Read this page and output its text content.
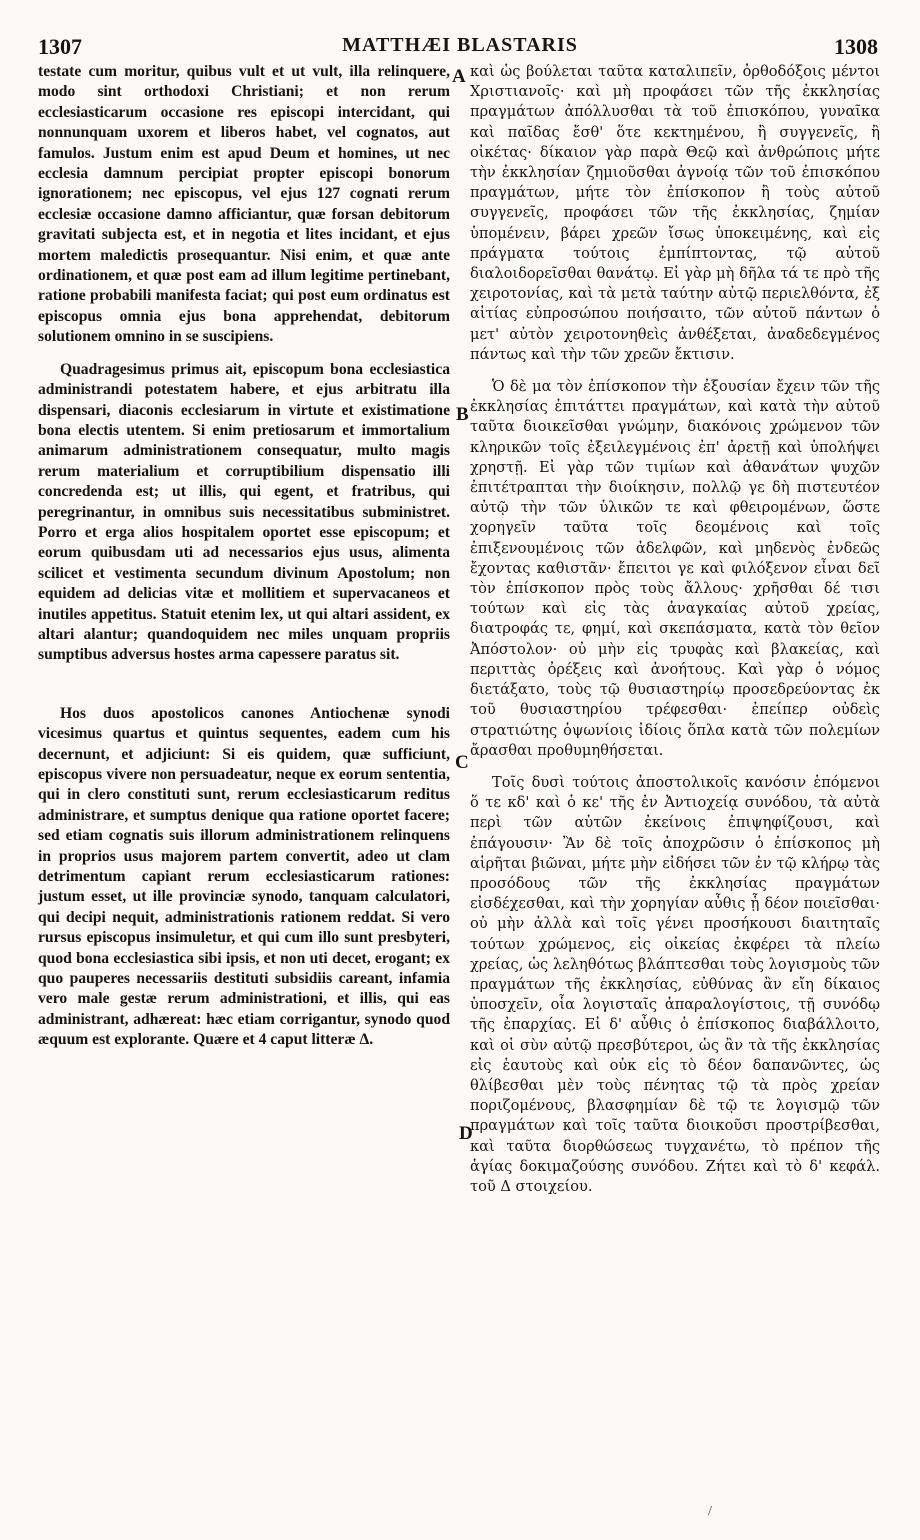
1307	MATTHÆI BLASTARIS	1308

testate cum moritur, quibus vult et ut vult, illa relinquere, modo sint orthodoxi Christiani; et non rerum ecclesiasticarum occasione res episcopi intercidant, qui nonnunquam uxorem et liberos habet, vel cognatos, aut famulos. Justum enim est apud Deum et homines, ut nec ecclesia damnum percipiat propter episcopi bonorum ignorationem; nec episcopus, vel ejus 127 cognati rerum ecclesiæ occasione damno afficiantur, quæ forsan debitorum gravitati subjecta est, et in negotia et lites incidant, et ejus mortem maledictis prosequantur. Nisi enim, et quæ ante ordinationem, et quæ post eam ad illum legitime pertinebant, ratione probabili manifesta faciat; qui post eum ordinatus est episcopus omnia ejus bona apprehendat, debitorum solutionem omnino in se suscipiens.

Quadragesimus primus ait, episcopum bona ecclesiastica administrandi potestatem habere, et ejus arbitratu illa dispensari, diaconis ecclesiarum in virtute et existimatione bona electis utentem. Si enim pretiosarum et immortalium animarum administrationem consequatur, multo magis rerum materialium et corruptibilium dispensatio illi concredenda est; ut illis, qui egent, et fratribus, qui peregrinantur, in omnibus suis necessitatibus subministret. Porro et erga alios hospitalem oportet esse episcopum; et eorum quibusdam uti ad necessarios ejus usus, alimenta scilicet et vestimenta secundum divinum Apostolum; non equidem ad delicias vitæ et mollitiem et supervacaneos et inutiles appetitus. Statuit etenim lex, ut qui altari assident, ex altari alantur; quandoquidem nec miles unquam propriis sumptibus adversus hostes arma capessere paratus sit.

Hos duos apostolicos canones Antiochenæ synodi vicesimus quartus et quintus sequentes, eadem cum his decernunt, et adjiciunt: Si eis quidem, quæ sufficiunt, episcopus vivere non persuadeatur, neque ex eorum sententia, qui in clero constituti sunt, rerum ecclesiasticarum reditus administrare, et sumptus denique qua ratione oportet facere; sed etiam cognatis suis illorum administrationem relinquens in proprios usus majorem partem convertit, adeo ut clam detrimentum capiant rerum ecclesiasticarum rationes: justum esset, ut ille provinciæ synodo, tanquam calculatori, qui decipi nequit, administrationis rationem reddat. Si vero rursus episcopus insimuletur, et qui cum illo sunt presbyteri, quod bona ecclesiastica sibi ipsis, et non uti decet, erogant; ex quo pauperes necessariis destituti subsidiis careant, infamia vero male gestæ rerum administrationi, et illis, qui eas administrant, adhæreat: hæc etiam corrigantur, synodo quod æquum est explorante. Quære et 4 caput litteræ Δ.

καὶ ὡς βούλεται ταῦτα καταλιπεῖν, ὀρθοδόξοις μέντοι Χριστιανοῖς· καὶ μὴ προφάσει τῶν τῆς ἐκκλησίας πραγμάτων ἀπόλλυσθαι τὰ τοῦ ἐπισκόπου, γυναῖκα καὶ παῖδας ἔσθ' ὅτε κεκτημένου, ἢ συγγενεῖς, ἢ οἰκέτας· δίκαιον γὰρ παρὰ Θεῷ καὶ ἀνθρώποις μήτε τὴν ἐκκλησίαν ζημιοῦσθαι ἀγνοίᾳ τῶν τοῦ ἐπισκόπου πραγμάτων, μήτε τὸν ἐπίσκοπον ἢ τοὺς αὐτοῦ συγγενεῖς, προφάσει τῶν τῆς ἐκκλησίας, ζημίαν ὑπομένειν, βάρει χρεῶν ἴσως ὑποκειμένης, καὶ εἰς πράγματα τούτοις ἐμπίπτοντας, τῷ αὐτοῦ διαλοιδορεῖσθαι θανάτῳ. Εἰ γὰρ μὴ δῆλα τά τε πρὸ τῆς χειροτονίας, καὶ τὰ μετὰ ταύτην αὐτῷ περιελθόντα, ἐξ αἰτίας εὐπροσώπου ποιήσαιτο, τῶν αὐτοῦ πάντων ὁ μετ' αὐτὸν χειροτονηθεὶς ἀνθέξεται, ἀναδεδεγμένος πάντως καὶ τὴν τῶν χρεῶν ἔκτισιν.

Ὁ δὲ μα τὸν ἐπίσκοπον τὴν ἐξουσίαν ἔχειν τῶν τῆς ἐκκλησίας ἐπιτάττει πραγμάτων, καὶ κατὰ τὴν αὐτοῦ ταῦτα διοικεῖσθαι γνώμην, διακόνοις χρώμενον τῶν κληρικῶν τοῖς ἐξειλεγμένοις ἐπ' ἀρετῇ καὶ ὑπολήψει χρηστῇ. Εἰ γὰρ τῶν τιμίων καὶ ἀθανάτων ψυχῶν ἐπιτέτραπται τὴν διοίκησιν, πολλῷ γε δὴ πιστευτέον αὐτῷ τὴν τῶν ὑλικῶν τε καὶ φθειρομένων, ὥστε χορηγεῖν ταῦτα τοῖς δεομένοις καὶ τοῖς ἐπιξενουμένοις τῶν ἀδελφῶν, καὶ μηδενὸς ἐνδεῶς ἔχοντας καθιστᾶν· ἔπειτοι γε καὶ φιλόξενον εἶναι δεῖ τὸν ἐπίσκοπον πρὸς τοὺς ἄλλους· χρῆσθαι δέ τισι τούτων καὶ εἰς τὰς ἀναγκαίας αὐτοῦ χρείας, διατροφάς τε, φημί, καὶ σκεπάσματα, κατὰ τὸν θεῖον Ἀπόστολον· οὐ μὴν εἰς τρυφὰς καὶ βλακείας, καὶ περιττὰς ὀρέξεις καὶ ἀνοήτους. Καὶ γὰρ ὁ νόμος διετάξατο, τοὺς τῷ θυσιαστηρίῳ προσεδρεύοντας ἐκ τοῦ θυσιαστηρίου τρέφεσθαι· ἐπείπερ οὐδεὶς στρατιώτης ὀψωνίοις ἰδίοις ὅπλα κατὰ τῶν πολεμίων ἄρασθαι προθυμηθήσεται.

Τοῖς δυσὶ τούτοις ἀποστολικοῖς κανόσιν ἑπόμενοι ὅ τε κδ' καὶ ὁ κε' τῆς ἐν Ἀντιοχείᾳ συνόδου, τὰ αὐτὰ περὶ τῶν αὐτῶν ἐκείνοις ἐπιψηφίζουσι, καὶ ἐπάγουσιν· Ἂν δὲ τοῖς ἀποχρῶσιν ὁ ἐπίσκοπος μὴ αἱρῆται βιῶναι, μήτε μὴν εἰδήσει τῶν ἐν τῷ κλήρῳ τὰς προσόδους τῶν τῆς ἐκκλησίας πραγμάτων εἰσδέχεσθαι, καὶ τὴν χορηγίαν αὖθις ᾗ δέον ποιεῖσθαι· οὐ μὴν ἀλλὰ καὶ τοῖς γένει προσήκουσι διαιτηταῖς τούτων χρώμενος, εἰς οἰκείας ἐκφέρει τὰ πλείω χρείας, ὡς λεληθότως βλάπτεσθαι τοὺς λογισμοὺς τῶν πραγμάτων τῆς ἐκκλησίας, εὐθύνας ἂν εἴη δίκαιος ὑποσχεῖν, οἷα λογισταῖς ἀπαραλογίστοις, τῇ συνόδῳ τῆς ἐπαρχίας. Εἰ δ' αὖθις ὁ ἐπίσκοπος διαβάλλοιτο, καὶ οἱ σὺν αὐτῷ πρεσβύτεροι, ὡς ἂν τὰ τῆς ἐκκλησίας εἰς ἑαυτοὺς καὶ οὐκ εἰς τὸ δέον δαπανῶντες, ὡς θλίβεσθαι μὲν τοὺς πένητας τῷ τὰ πρὸς χρείαν ποριζομένους, βλασφημίαν δὲ τῷ τε λογισμῷ τῶν πραγμάτων καὶ τοῖς ταῦτα διοικοῦσι προστρίβεσθαι, καὶ ταῦτα διορθώσεως τυγχανέτω, τὸ πρέπον τῆς ἁγίας δοκιμαζούσης συνόδου. Ζήτει καὶ τὸ δ' κεφάλ. τοῦ Δ στοιχείου.

A
B
C
D
/
